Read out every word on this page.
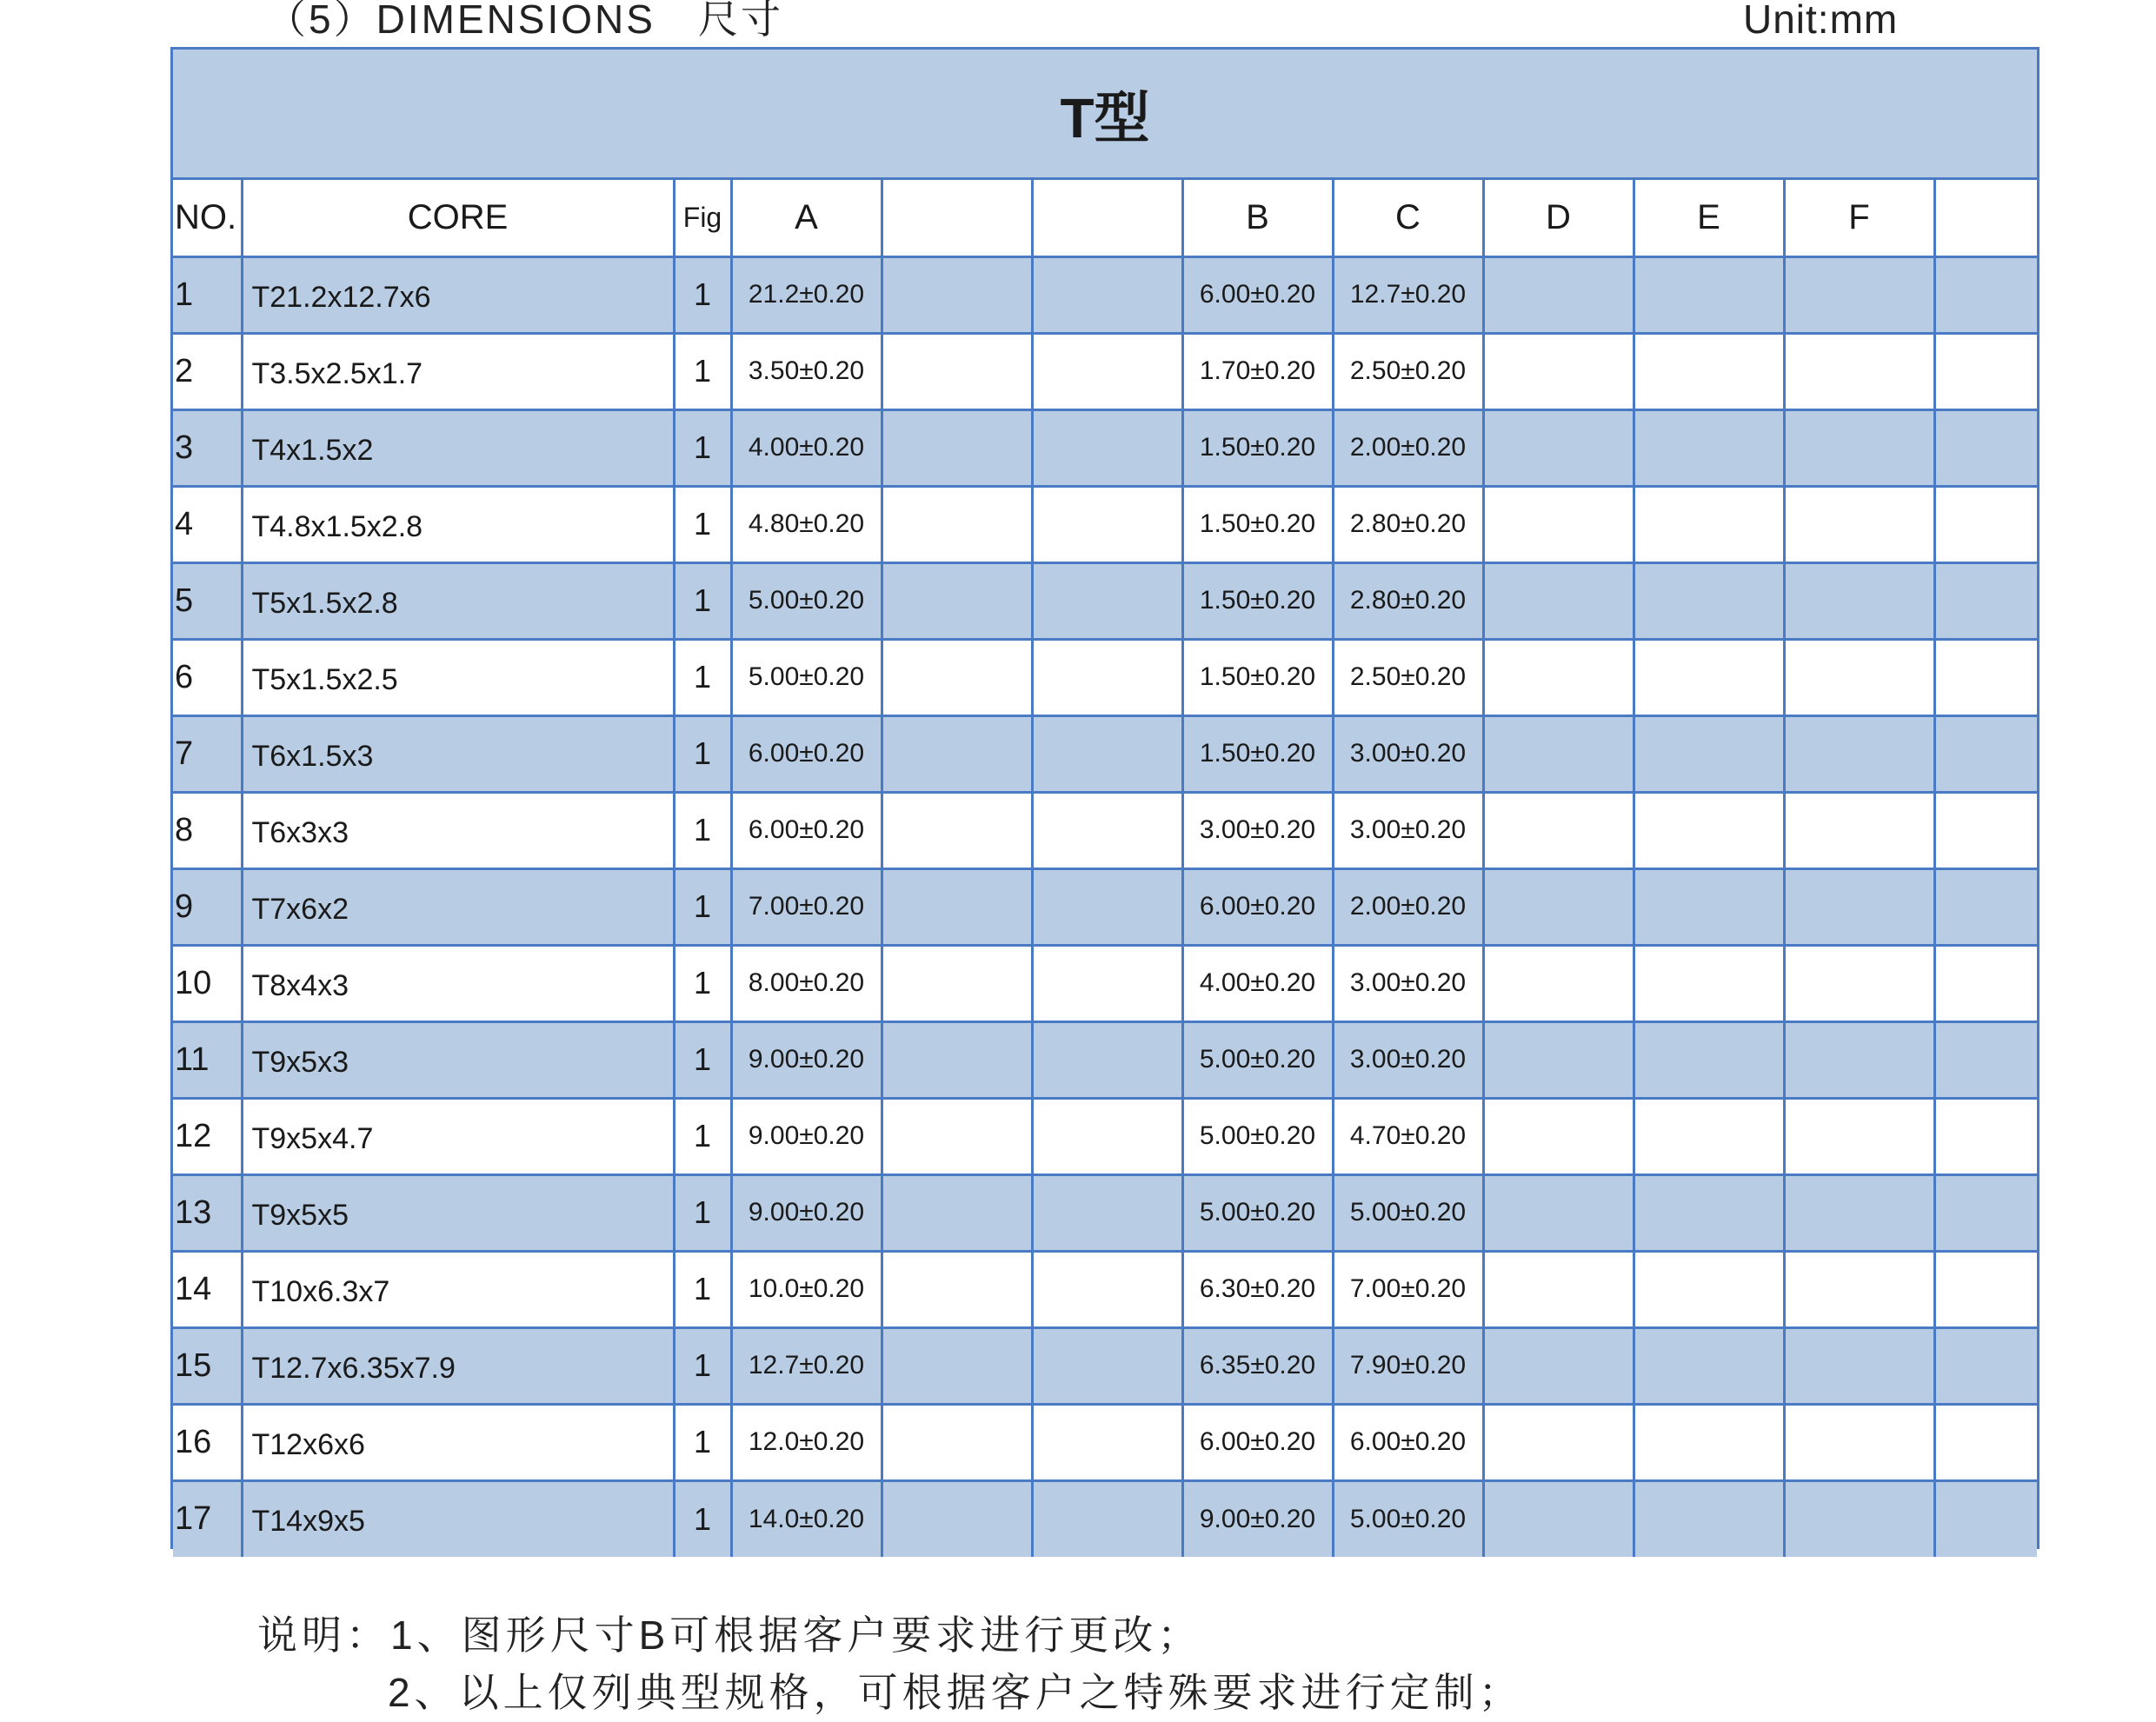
（5）DIMENSIONS　尺寸	Unit:mm
T型
NO.	CORE	Fig	A			B	C	D	E	F	
1	T21.2x12.7x6	1	21.2±0.20			6.00±0.20	12.7±0.20				
2	T3.5x2.5x1.7	1	3.50±0.20			1.70±0.20	2.50±0.20				
3	T4x1.5x2	1	4.00±0.20			1.50±0.20	2.00±0.20				
4	T4.8x1.5x2.8	1	4.80±0.20			1.50±0.20	2.80±0.20				
5	T5x1.5x2.8	1	5.00±0.20			1.50±0.20	2.80±0.20				
6	T5x1.5x2.5	1	5.00±0.20			1.50±0.20	2.50±0.20				
7	T6x1.5x3	1	6.00±0.20			1.50±0.20	3.00±0.20				
8	T6x3x3	1	6.00±0.20			3.00±0.20	3.00±0.20				
9	T7x6x2	1	7.00±0.20			6.00±0.20	2.00±0.20				
10	T8x4x3	1	8.00±0.20			4.00±0.20	3.00±0.20				
11	T9x5x3	1	9.00±0.20			5.00±0.20	3.00±0.20				
12	T9x5x4.7	1	9.00±0.20			5.00±0.20	4.70±0.20				
13	T9x5x5	1	9.00±0.20			5.00±0.20	5.00±0.20				
14	T10x6.3x7	1	10.0±0.20			6.30±0.20	7.00±0.20				
15	T12.7x6.35x7.9	1	12.7±0.20			6.35±0.20	7.90±0.20				
16	T12x6x6	1	12.0±0.20			6.00±0.20	6.00±0.20				
17	T14x9x5	1	14.0±0.20			9.00±0.20	5.00±0.20				
说明：1、图形尺寸B可根据客户要求进行更改；
2、以上仅列典型规格，可根据客户之特殊要求进行定制；
